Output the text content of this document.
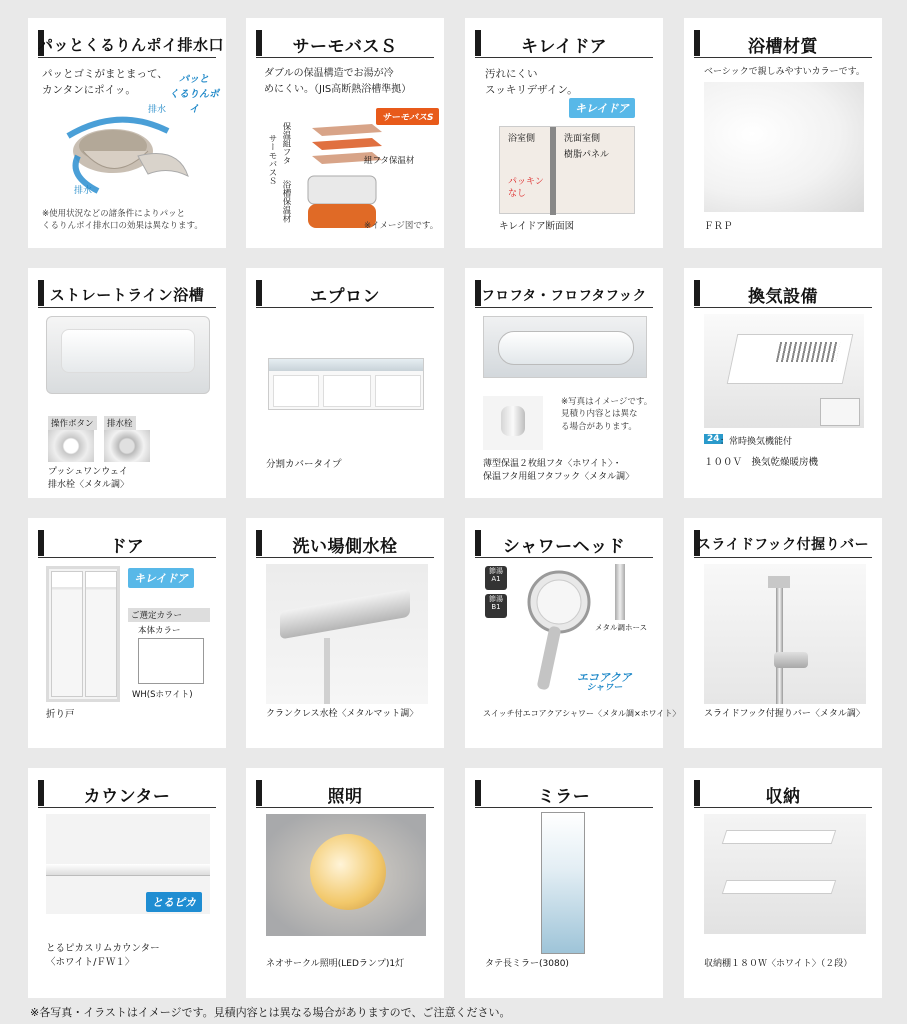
パッとくるりんポイ排水口
パッとゴミがまとまって、
カンタンにポイッ。
パッと
くるりんポイ
排水
排水
※使用状況などの諸条件によりパッと
くるりんポイ排水口の効果は異なります。
サーモバスＳ
ダブルの保温構造でお湯が冷
めにくい。（JIS高断熱浴槽準拠）
サーモバスS
保温組フタ
サーモバスＳ
浴槽保温材
組フタ保温材
※イメージ図です。
キレイドア
汚れにくい
スッキリデザイン。
キレイドア
浴室側	洗面室側
樹脂パネル
パッキン
なし
キレイドア断面図
浴槽材質
ベーシックで親しみやすいカラーです。
ＦＲＰ
ストレートライン浴槽
操作ボタン	排水栓
プッシュワンウェイ
排水栓〈メタル調〉
エプロン
分割カバータイプ
フロフタ・フロフタフック
※写真はイメージです。
見積り内容とは異な
る場合があります。
薄型保温２枚組フタ〈ホワイト〉・
保温フタ用組フタフック〈メタル調〉
換気設備
24 ：常時換気機能付
１００Ｖ　換気乾燥暖房機
ドア
キレイドア
ご選定カラー
本体カラー
WH(Sホワイト)
折り戸
洗い場側水栓
クランクレス水栓〈メタルマット調〉
シャワーヘッド
節湯
A1
節湯
B1
メタル調ホース
エコアクア
シャワー
スイッチ付エコアクアシャワー〈メタル調×ホワイト〉
スライドフック付握りバー
スライドフック付握りバー〈メタル調〉
カウンター
とるピカ
とるピカスリムカウンター
〈ホワイト/ＦＷ１〉
照明
ネオサークル照明(LEDランプ)1灯
ミラー
タテ長ミラー(3080)
収納
収納棚１８０Ｗ〈ホワイト〉（２段）
※各写真・イラストはイメージです。見積内容とは異なる場合がありますので、ご注意ください。
